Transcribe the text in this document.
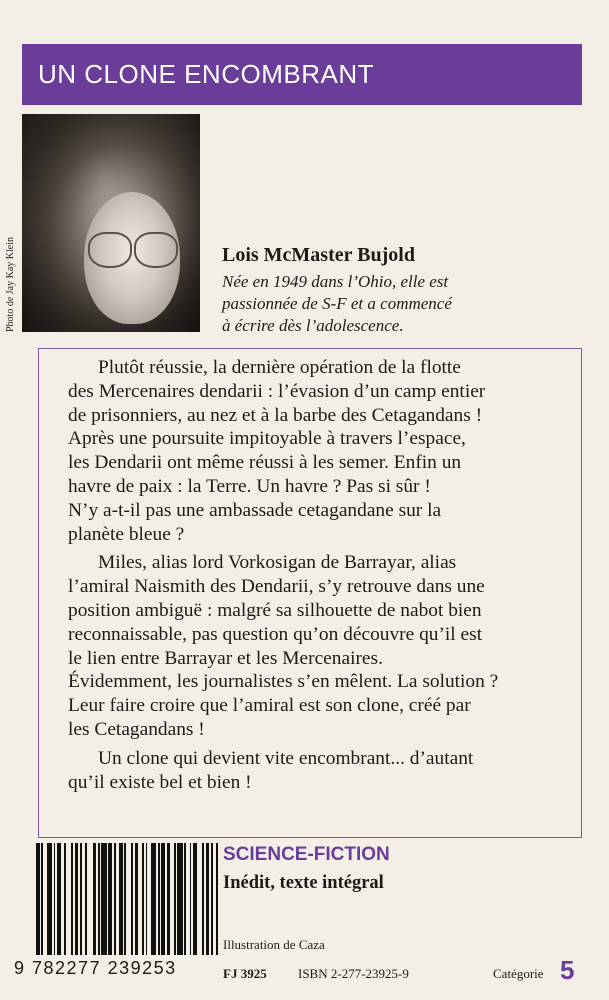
UN CLONE ENCOMBRANT
Photo de Jay Kay Klein	Lois McMaster Bujold
Née en 1949 dans l’Ohio, elle est
passionnée de S-F et a commencé
à écrire dès l’adolescence.
Plutôt réussie, la dernière opération de la flotte
des Mercenaires dendarii : l’évasion d’un camp entier
de prisonniers, au nez et à la barbe des Cetagandans !
Après une poursuite impitoyable à travers l’espace,
les Dendarii ont même réussi à les semer. Enfin un
havre de paix : la Terre. Un havre ? Pas si sûr !
N’y a-t-il pas une ambassade cetagandane sur la
planète bleue ?
Miles, alias lord Vorkosigan de Barrayar, alias
l’amiral Naismith des Dendarii, s’y retrouve dans une
position ambiguë : malgré sa silhouette de nabot bien
reconnaissable, pas question qu’on découvre qu’il est
le lien entre Barrayar et les Mercenaires.
Évidemment, les journalistes s’en mêlent. La solution ?
Leur faire croire que l’amiral est son clone, créé par
les Cetagandans !
Un clone qui devient vite encombrant... d’autant
qu’il existe bel et bien !
9 782277 239253
SCIENCE-FICTION
Inédit, texte intégral
Illustration de Caza
FJ 3925 ISBN 2-277-23925-9	Catégorie 5
